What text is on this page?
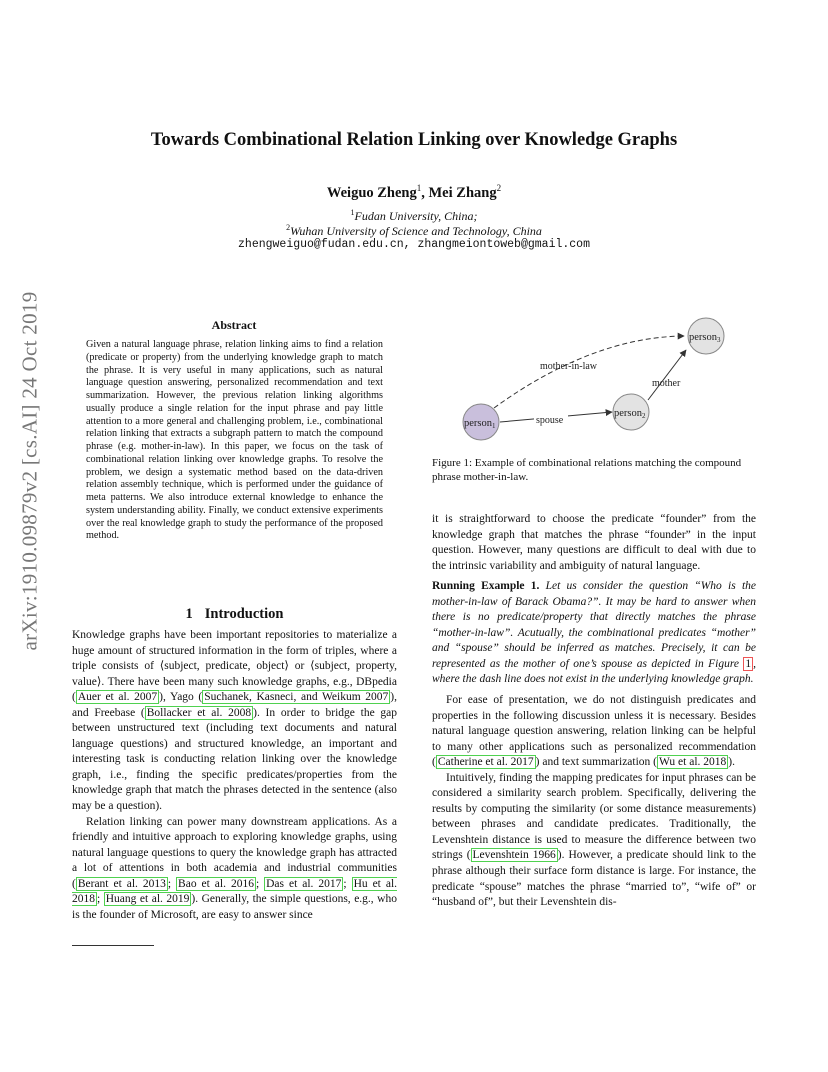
arXiv:1910.09879v2 [cs.AI] 24 Oct 2019
Towards Combinational Relation Linking over Knowledge Graphs
Weiguo Zheng$^1$, Mei Zhang$^2$
$^1$Fudan University, China;
$^2$Wuhan University of Science and Technology, China
zhengweiguo@fudan.edu.cn, zhangmeiontoweb@gmail.com
Abstract
Given a natural language phrase, relation linking aims to find a relation (predicate or property) from the underlying knowledge graph to match the phrase. It is very useful in many applications, such as natural language question answering, personalized recommendation and text summarization. However, the previous relation linking algorithms usually produce a single relation for the input phrase and pay little attention to a more general and challenging problem, i.e., combinational relation linking that extracts a subgraph pattern to match the compound phrase (e.g. mother-in-law). In this paper, we focus on the task of combinational relation linking over knowledge graphs. To resolve the problem, we design a systematic method based on the data-driven relation assembly technique, which is performed under the guidance of meta patterns. We also introduce external knowledge to enhance the system understanding ability. Finally, we conduct extensive experiments over the real knowledge graph to study the performance of the proposed method.
1 Introduction

Knowledge graphs have been important repositories to materialize a huge amount of structured information in the form of triples, where a triple consists of ⟨subject, predicate, object⟩ or ⟨subject, property, value⟩. There have been many such knowledge graphs, e.g., DBpedia ( Auer et al. 2007 ), Yago ( Suchanek, Kasneci, and Weikum 2007 ), and Freebase ( Bollacker et al. 2008 ). In order to bridge the gap between unstructured text (including text documents and natural language questions) and structured knowledge, an important and interesting task is conducting relation linking over the knowledge graph, i.e., finding the specific predicates/properties from the knowledge graph that match the phrases detected in the sentence (also may be a question).

Relation linking can power many downstream applications. As a friendly and intuitive approach to exploring knowledge graphs, using natural language questions to query the knowledge graph has attracted a lot of attentions in both academia and industrial communities ( Berant et al. 2013 ; Bao et al. 2016 ; Das et al. 2017 ; Hu et al. 2018 ; Huang et al. 2019 ). Generally, the simple questions, e.g., who is the founder of Microsoft, are easy to answer since

person1
person2
person3
spouse
mother
mother-in-law
Figure 1: Example of combinational relations matching the compound phrase mother-in-law.

it is straightforward to choose the predicate “founder” from the knowledge graph that matches the phrase “founder” in the input question. However, many questions are difficult to deal with due to the intrinsic variability and ambiguity of natural language.

Running Example 1. Let us consider the question “Who is the mother-in-law of Barack Obama?”. It may be hard to answer when there is no predicate/property that directly matches the phrase “mother-in-law”. Acutually, the combinational predicates “mother” and “spouse” should be inferred as matches. Precisely, it can be represented as the mother of one’s spouse as depicted in Figure 1 , where the dash line does not exist in the underlying knowledge graph.

For ease of presentation, we do not distinguish predicates and properties in the following discussion unless it is necessary. Besides natural language question answering, relation linking can be helpful to many other applications such as personalized recommendation ( Catherine et al. 2017 ) and text summarization ( Wu et al. 2018 ).

Intuitively, finding the mapping predicates for input phrases can be considered a similarity search problem. Specifically, delivering the results by computing the similarity (or some distance measurements) between phrases and candidate predicates. Traditionally, the Levenshtein distance is used to measure the difference between two strings ( Levenshtein 1966 ). However, a predicate should link to the phrase although their surface form distance is large. For instance, the predicate “spouse” matches the phrase “married to”, “wife of” or “husband of”, but their Levenshtein dis-
